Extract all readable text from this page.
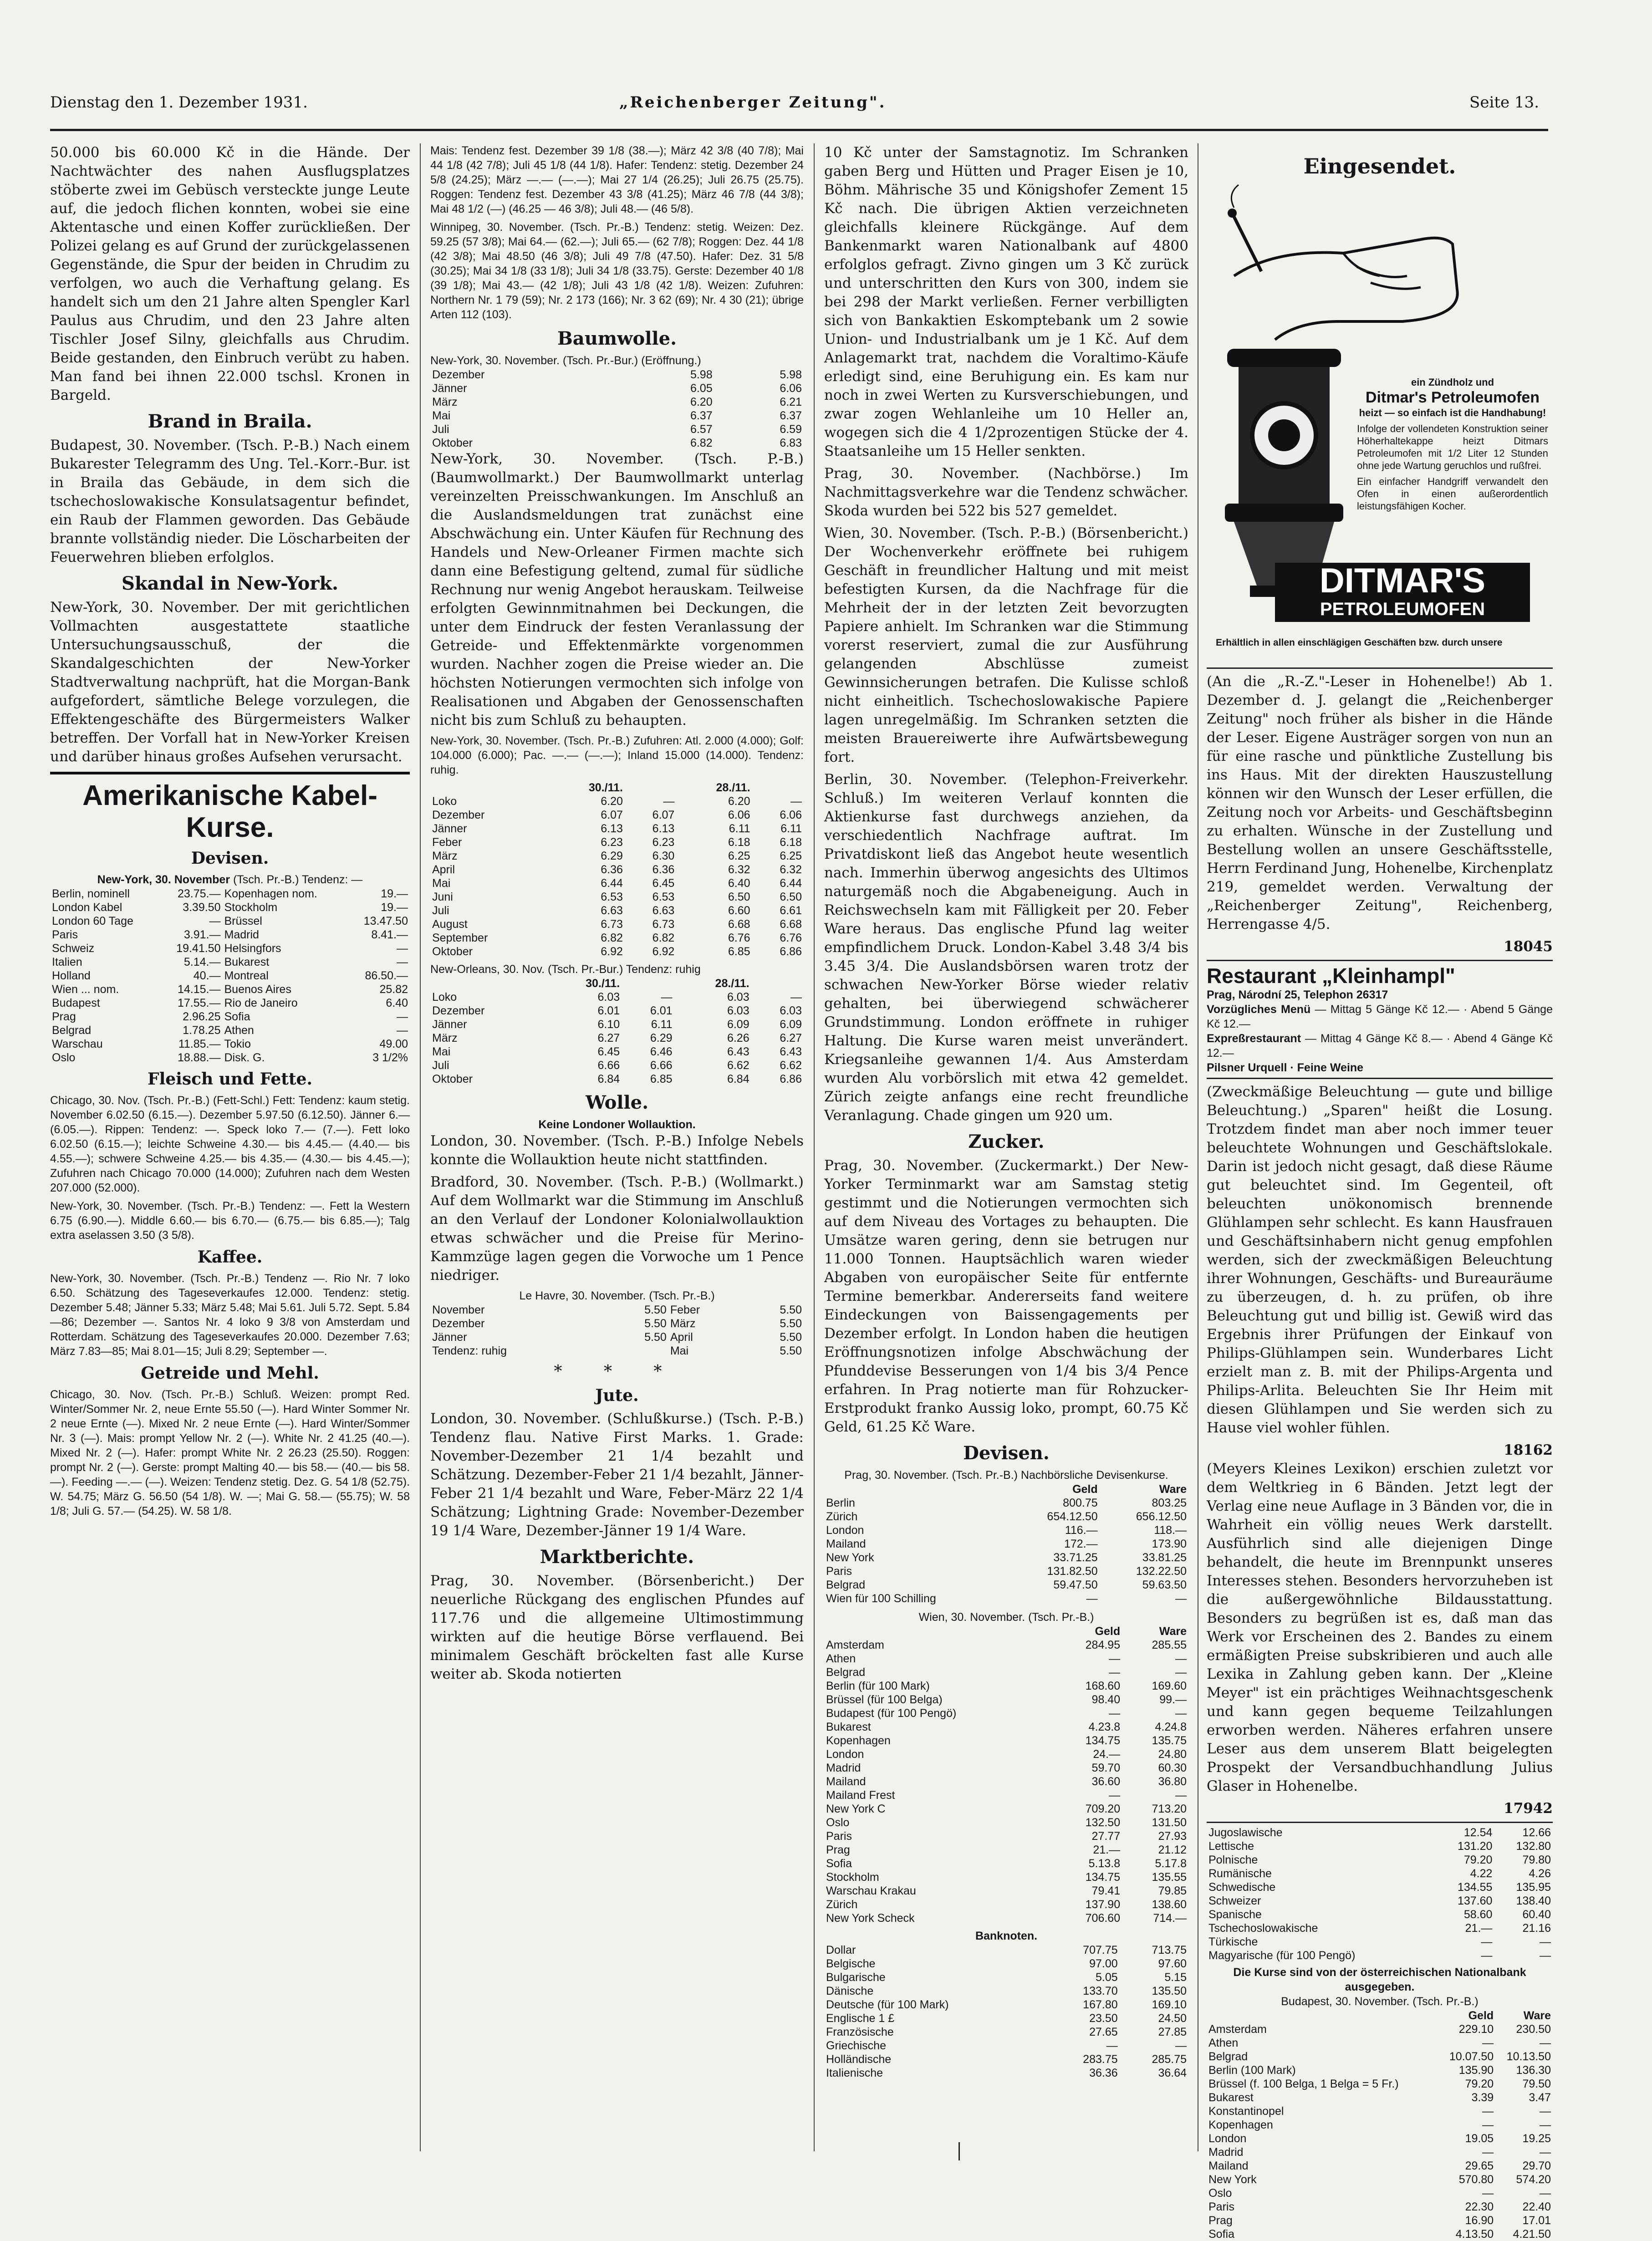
Dienstag den 1. Dezember 1931.	„Reichenberger Zeitung".	Seite 13.

50.000 bis 60.000 Kč in die Hände. Der Nachtwächter des nahen Ausflugsplatzes stöberte zwei im Gebüsch versteckte junge Leute auf, die jedoch flichen konnten, wobei sie eine Aktentasche und einen Koffer zurückließen. Der Polizei gelang es auf Grund der zurückgelassenen Gegenstände, die Spur der beiden in Chrudim zu verfolgen, wo auch die Verhaftung gelang. Es handelt sich um den 21 Jahre alten Spengler Karl Paulus aus Chrudim, und den 23 Jahre alten Tischler Josef Silny, gleichfalls aus Chrudim. Beide gestanden, den Einbruch verübt zu haben. Man fand bei ihnen 22.000 tschsl. Kronen in Bargeld.

Brand in Braila.

Budapest, 30. November. (Tsch. P.-B.) Nach einem Bukarester Telegramm des Ung. Tel.-Korr.-Bur. ist in Braila das Gebäude, in dem sich die tschechoslowakische Konsulatsagentur befindet, ein Raub der Flammen geworden. Das Gebäude brannte vollständig nieder. Die Löscharbeiten der Feuerwehren blieben erfolglos.

Skandal in New-York.

New-York, 30. November. Der mit gerichtlichen Vollmachten ausgestattete staatliche Untersuchungsausschuß, der die Skandalgeschichten der New-Yorker Stadtverwaltung nachprüft, hat die Morgan-Bank aufgefordert, sämtliche Belege vorzulegen, die Effektengeschäfte des Bürgermeisters Walker betreffen. Der Vorfall hat in New-Yorker Kreisen und darüber hinaus großes Aufsehen verursacht.

Amerikanische Kabel-Kurse.
Devisen.
New-York, 30. November (Tsch. Pr.-B.) Tendenz: —
Berlin, nominell	23.75.—	Kopenhagen nom.	19.—
London Kabel	3.39.50	Stockholm	19.—
London 60 Tage	—	Brüssel	13.47.50
Paris	3.91.—	Madrid	8.41.—
Schweiz	19.41.50	Helsingfors	—
Italien	5.14.—	Bukarest	—
Holland	40.—	Montreal	86.50.—
Wien ... nom.	14.15.—	Buenos Aires	25.82
Budapest	17.55.—	Rio de Janeiro	6.40
Prag	2.96.25	Sofia	—
Belgrad	1.78.25	Athen	—
Warschau	11.85.—	Tokio	49.00
Oslo	18.88.—	Disk. G.	3 1/2%
Fleisch und Fette.

Chicago, 30. Nov. (Tsch. Pr.-B.) (Fett-Schl.) Fett: Tendenz: kaum stetig. November 6.02.50 (6.15.—). Dezember 5.97.50 (6.12.50). Jänner 6.— (6.05.—). Rippen: Tendenz: —. Speck loko 7.— (7.—). Fett loko 6.02.50 (6.15.—); leichte Schweine 4.30.— bis 4.45.— (4.40.— bis 4.55.—); schwere Schweine 4.25.— bis 4.35.— (4.30.— bis 4.45.—); Zufuhren nach Chicago 70.000 (14.000); Zufuhren nach dem Westen 207.000 (52.000).

New-York, 30. November. (Tsch. Pr.-B.) Tendenz: —. Fett la Western 6.75 (6.90.—). Middle 6.60.— bis 6.70.— (6.75.— bis 6.85.—); Talg extra aselassen 3.50 (3 5/8).

Kaffee.

New-York, 30. November. (Tsch. Pr.-B.) Tendenz —. Rio Nr. 7 loko 6.50. Schätzung des Tageseverkaufes 12.000. Tendenz: stetig. Dezember 5.48; Jänner 5.33; März 5.48; Mai 5.61. Juli 5.72. Sept. 5.84—86; Dezember —. Santos Nr. 4 loko 9 3/8 von Amsterdam und Rotterdam. Schätzung des Tageseverkaufes 20.000. Dezember 7.63; März 7.83—85; Mai 8.01—15; Juli 8.29; September —.

Getreide und Mehl.

Chicago, 30. Nov. (Tsch. Pr.-B.) Schluß. Weizen: prompt Red. Winter/Sommer Nr. 2, neue Ernte 55.50 (—). Hard Winter Sommer Nr. 2 neue Ernte (—). Mixed Nr. 2 neue Ernte (—). Hard Winter/Sommer Nr. 3 (—). Mais: prompt Yellow Nr. 2 (—). White Nr. 2 41.25 (40.—). Mixed Nr. 2 (—). Hafer: prompt White Nr. 2 26.23 (25.50). Roggen: prompt Nr. 2 (—). Gerste: prompt Malting 40.— bis 58.— (40.— bis 58.—). Feeding —.— (—). Weizen: Tendenz stetig. Dez. G. 54 1/8 (52.75). W. 54.75; März G. 56.50 (54 1/8). W. —; Mai G. 58.— (55.75); W. 58 1/8; Juli G. 57.— (54.25). W. 58 1/8.

Mais: Tendenz fest. Dezember 39 1/8 (38.—); März 42 3/8 (40 7/8); Mai 44 1/8 (42 7/8); Juli 45 1/8 (44 1/8). Hafer: Tendenz: stetig. Dezember 24 5/8 (24.25); März —.— (—.—); Mai 27 1/4 (26.25); Juli 26.75 (25.75). Roggen: Tendenz fest. Dezember 43 3/8 (41.25); März 46 7/8 (44 3/8); Mai 48 1/2 (—) (46.25 — 46 3/8); Juli 48.— (46 5/8).

Winnipeg, 30. November. (Tsch. Pr.-B.) Tendenz: stetig. Weizen: Dez. 59.25 (57 3/8); Mai 64.— (62.—); Juli 65.— (62 7/8); Roggen: Dez. 44 1/8 (42 3/8); Mai 48.50 (46 3/8); Juli 49 7/8 (47.50). Hafer: Dez. 31 5/8 (30.25); Mai 34 1/8 (33 1/8); Juli 34 1/8 (33.75). Gerste: Dezember 40 1/8 (39 1/8); Mai 43.— (42 1/8); Juli 43 1/8 (42 1/8). Weizen: Zufuhren: Northern Nr. 1 79 (59); Nr. 2 173 (166); Nr. 3 62 (69); Nr. 4 30 (21); übrige Arten 112 (103).

Baumwolle.
New-York, 30. November. (Tsch. Pr.-Bur.) (Eröffnung.)
Dezember	5.98	5.98
Jänner	6.05	6.06
März	6.20	6.21
Mai	6.37	6.37
Juli	6.57	6.59
Oktober	6.82	6.83

New-York, 30. November. (Tsch. P.-B.) (Baumwollmarkt.) Der Baumwollmarkt unterlag vereinzelten Preisschwankungen. Im Anschluß an die Auslandsmeldungen trat zunächst eine Abschwächung ein. Unter Käufen für Rechnung des Handels und New-Orleaner Firmen machte sich dann eine Befestigung geltend, zumal für südliche Rechnung nur wenig Angebot herauskam. Teilweise erfolgten Gewinnmitnahmen bei Deckungen, die unter dem Eindruck der festen Veranlassung der Getreide- und Effektenmärkte vorgenommen wurden. Nachher zogen die Preise wieder an. Die höchsten Notierungen vermochten sich infolge von Realisationen und Abgaben der Genossenschaften nicht bis zum Schluß zu behaupten.

New-York, 30. November. (Tsch. Pr.-B.) Zufuhren: Atl. 2.000 (4.000); Golf: 104.000 (6.000); Pac. —.— (—.—); Inland 15.000 (14.000). Tendenz: ruhig.

	30./11.		28./11.	
Loko	6.20	—	6.20	—
Dezember	6.07	6.07	6.06	6.06
Jänner	6.13	6.13	6.11	6.11
Feber	6.23	6.23	6.18	6.18
März	6.29	6.30	6.25	6.25
April	6.36	6.36	6.32	6.32
Mai	6.44	6.45	6.40	6.44
Juni	6.53	6.53	6.50	6.50
Juli	6.63	6.63	6.60	6.61
August	6.73	6.73	6.68	6.68
September	6.82	6.82	6.76	6.76
Oktober	6.92	6.92	6.85	6.86
New-Orleans, 30. Nov. (Tsch. Pr.-Bur.) Tendenz: ruhig
	30./11.		28./11.	
Loko	6.03	—	6.03	—
Dezember	6.01	6.01	6.03	6.03
Jänner	6.10	6.11	6.09	6.09
März	6.27	6.29	6.26	6.27
Mai	6.45	6.46	6.43	6.43
Juli	6.66	6.66	6.62	6.62
Oktober	6.84	6.85	6.84	6.86
Wolle.
Keine Londoner Wollauktion.

London, 30. November. (Tsch. P.-B.) Infolge Nebels konnte die Wollauktion heute nicht stattfinden.

Bradford, 30. November. (Tsch. P.-B.) (Wollmarkt.) Auf dem Wollmarkt war die Stimmung im Anschluß an den Verlauf der Londoner Kolonialwollauktion etwas schwächer und die Preise für Merino-Kammzüge lagen gegen die Vorwoche um 1 Pence niedriger.

Le Havre, 30. November. (Tsch. Pr.-B.)
November	5.50	Feber	5.50
Dezember	5.50	März	5.50
Jänner	5.50	April	5.50
Tendenz: ruhig		Mai	5.50
* * *
Jute.

London, 30. November. (Schlußkurse.) (Tsch. P.-B.) Tendenz flau. Native First Marks. 1. Grade: November-Dezember 21 1/4 bezahlt und Schätzung. Dezember-Feber 21 1/4 bezahlt, Jänner-Feber 21 1/4 bezahlt und Ware, Feber-März 22 1/4 Schätzung; Lightning Grade: November-Dezember 19 1/4 Ware, Dezember-Jänner 19 1/4 Ware.

Marktberichte.

Prag, 30. November. (Börsenbericht.) Der neuerliche Rückgang des englischen Pfundes auf 117.76 und die allgemeine Ultimostimmung wirkten auf die heutige Börse verflauend. Bei minimalem Geschäft bröckelten fast alle Kurse weiter ab. Skoda notierten

10 Kč unter der Samstagnotiz. Im Schranken gaben Berg und Hütten und Prager Eisen je 10, Böhm. Mährische 35 und Königshofer Zement 15 Kč nach. Die übrigen Aktien verzeichneten gleichfalls kleinere Rückgänge. Auf dem Bankenmarkt waren Nationalbank auf 4800 erfolglos gefragt. Zivno gingen um 3 Kč zurück und unterschritten den Kurs von 300, indem sie bei 298 der Markt verließen. Ferner verbilligten sich von Bankaktien Eskomptebank um 2 sowie Union- und Industrialbank um je 1 Kč. Auf dem Anlagemarkt trat, nachdem die Voraltimo-Käufe erledigt sind, eine Beruhigung ein. Es kam nur noch in zwei Werten zu Kursverschiebungen, und zwar zogen Wehlanleihe um 10 Heller an, wogegen sich die 4 1/2prozentigen Stücke der 4. Staatsanleihe um 15 Heller senkten.

Prag, 30. November. (Nachbörse.) Im Nachmittagsverkehre war die Tendenz schwächer. Skoda wurden bei 522 bis 527 gemeldet.

Wien, 30. November. (Tsch. P.-B.) (Börsenbericht.) Der Wochenverkehr eröffnete bei ruhigem Geschäft in freundlicher Haltung und mit meist befestigten Kursen, da die Nachfrage für die Mehrheit der in der letzten Zeit bevorzugten Papiere anhielt. Im Schranken war die Stimmung vorerst reserviert, zumal die zur Ausführung gelangenden Abschlüsse zumeist Gewinnsicherungen betrafen. Die Kulisse schloß nicht einheitlich. Tschechoslowakische Papiere lagen unregelmäßig. Im Schranken setzten die meisten Brauereiwerte ihre Aufwärtsbewegung fort.

Berlin, 30. November. (Telephon-Freiverkehr. Schluß.) Im weiteren Verlauf konnten die Aktienkurse fast durchwegs anziehen, da verschiedentlich Nachfrage auftrat. Im Privatdiskont ließ das Angebot heute wesentlich nach. Immerhin überwog angesichts des Ultimos naturgemäß noch die Abgabeneigung. Auch in Reichswechseln kam mit Fälligkeit per 20. Feber Ware heraus. Das englische Pfund lag weiter empfindlichem Druck. London-Kabel 3.48 3/4 bis 3.45 3/4. Die Auslandsbörsen waren trotz der schwachen New-Yorker Börse wieder relativ gehalten, bei überwiegend schwächerer Grundstimmung. London eröffnete in ruhiger Haltung. Die Kurse waren meist unverändert. Kriegsanleihe gewannen 1/4. Aus Amsterdam wurden Alu vorbörslich mit etwa 42 gemeldet. Zürich zeigte anfangs eine recht freundliche Veranlagung. Chade gingen um 920 um.

Zucker.

Prag, 30. November. (Zuckermarkt.) Der New-Yorker Terminmarkt war am Samstag stetig gestimmt und die Notierungen vermochten sich auf dem Niveau des Vortages zu behaupten. Die Umsätze waren gering, denn sie betrugen nur 11.000 Tonnen. Hauptsächlich waren wieder Abgaben von europäischer Seite für entfernte Termine bemerkbar. Andererseits fand weitere Eindeckungen von Baissengagements per Dezember erfolgt. In London haben die heutigen Eröffnungsnotizen infolge Abschwächung der Pfunddevise Besserungen von 1/4 bis 3/4 Pence erfahren. In Prag notierte man für Rohzucker-Erstprodukt franko Aussig loko, prompt, 60.75 Kč Geld, 61.25 Kč Ware.

Devisen.
Prag, 30. November. (Tsch. Pr.-B.) Nachbörsliche Devisenkurse.
	Geld	Ware
Berlin	800.75	803.25
Zürich	654.12.50	656.12.50
London	116.—	118.—
Mailand	172.—	173.90
New York	33.71.25	33.81.25
Paris	131.82.50	132.22.50
Belgrad	59.47.50	59.63.50
Wien für 100 Schilling	—	—
Wien, 30. November. (Tsch. Pr.-B.)
	Geld	Ware
Amsterdam	284.95	285.55
Athen	—	—
Belgrad	—	—
Berlin (für 100 Mark)	168.60	169.60
Brüssel (für 100 Belga)	98.40	99.—
Budapest (für 100 Pengö)	—	—
Bukarest	4.23.8	4.24.8
Kopenhagen	134.75	135.75
London	24.—	24.80
Madrid	59.70	60.30
Mailand	36.60	36.80
Mailand Frest	—	—
New York C	709.20	713.20
Oslo	132.50	131.50
Paris	27.77	27.93
Prag	21.—	21.12
Sofia	5.13.8	5.17.8
Stockholm	134.75	135.55
Warschau Krakau	79.41	79.85
Zürich	137.90	138.60
New York Scheck	706.60	714.—
Banknoten.
Dollar	707.75	713.75
Belgische	97.00	97.60
Bulgarische	5.05	5.15
Dänische	133.70	135.50
Deutsche (für 100 Mark)	167.80	169.10
Englische 1 £	23.50	24.50
Französische	27.65	27.85
Griechische	—	—
Holländische	283.75	285.75
Italienische	36.36	36.64
Eingesendet.
ein Zündholz und
Ditmar's Petroleumofen
heizt — so einfach ist die Handhabung!
Infolge der vollendeten Konstruktion seiner Höherhaltekappe heizt Ditmars Petroleumofen mit 1/2 Liter 12 Stunden ohne jede Wartung geruchlos und rußfrei.
Ein einfacher Handgriff verwandelt den Ofen in einen außerordentlich leistungsfähigen Kocher.
DITMAR'S
PETROLEUMOFEN
Erhältlich in allen einschlägigen Geschäften bzw. durch unsere

(An die „R.-Z."-Leser in Hohenelbe!) Ab 1. Dezember d. J. gelangt die „Reichenberger Zeitung" noch früher als bisher in die Hände der Leser. Eigene Austräger sorgen von nun an für eine rasche und pünktliche Zustellung bis ins Haus. Mit der direkten Hauszustellung können wir den Wunsch der Leser erfüllen, die Zeitung noch vor Arbeits- und Geschäftsbeginn zu erhalten. Wünsche in der Zustellung und Bestellung wollen an unsere Geschäftsstelle, Herrn Ferdinand Jung, Hohenelbe, Kirchenplatz 219, gemeldet werden. Verwaltung der „Reichenberger Zeitung", Reichenberg, Herrengasse 4/5.

18045
Restaurant „Kleinhampl"
Prag, Národní 25, Telephon 26317
Vorzügliches Menü — Mittag 5 Gänge Kč 12.— · Abend 5 Gänge Kč 12.—
Expreßrestaurant — Mittag 4 Gänge Kč 8.— · Abend 4 Gänge Kč 12.—
Pilsner Urquell · Feine Weine

(Zweckmäßige Beleuchtung — gute und billige Beleuchtung.) „Sparen" heißt die Losung. Trotzdem findet man aber noch immer teuer beleuchtete Wohnungen und Geschäftslokale. Darin ist jedoch nicht gesagt, daß diese Räume gut beleuchtet sind. Im Gegenteil, oft beleuchten unökonomisch brennende Glühlampen sehr schlecht. Es kann Hausfrauen und Geschäftsinhabern nicht genug empfohlen werden, sich der zweckmäßigen Beleuchtung ihrer Wohnungen, Geschäfts- und Bureauräume zu überzeugen, d. h. zu prüfen, ob ihre Beleuchtung gut und billig ist. Gewiß wird das Ergebnis ihrer Prüfungen der Einkauf von Philips-Glühlampen sein. Wunderbares Licht erzielt man z. B. mit der Philips-Argenta und Philips-Arlita. Beleuchten Sie Ihr Heim mit diesen Glühlampen und Sie werden sich zu Hause viel wohler fühlen.

18162

(Meyers Kleines Lexikon) erschien zuletzt vor dem Weltkrieg in 6 Bänden. Jetzt legt der Verlag eine neue Auflage in 3 Bänden vor, die in Wahrheit ein völlig neues Werk darstellt. Ausführlich sind alle diejenigen Dinge behandelt, die heute im Brennpunkt unseres Interesses stehen. Besonders hervorzuheben ist die außergewöhnliche Bildausstattung. Besonders zu begrüßen ist es, daß man das Werk vor Erscheinen des 2. Bandes zu einem ermäßigten Preise subskribieren und auch alle Lexika in Zahlung geben kann. Der „Kleine Meyer" ist ein prächtiges Weihnachtsgeschenk und kann gegen bequeme Teilzahlungen erworben werden. Näheres erfahren unsere Leser aus dem unserem Blatt beigelegten Prospekt der Versandbuchhandlung Julius Glaser in Hohenelbe.

17942
Jugoslawische	12.54	12.66
Lettische	131.20	132.80
Polnische	79.20	79.80
Rumänische	4.22	4.26
Schwedische	134.55	135.95
Schweizer	137.60	138.40
Spanische	58.60	60.40
Tschechoslowakische	21.—	21.16
Türkische	—	—
Magyarische (für 100 Pengö)	—	—
Die Kurse sind von der österreichischen Nationalbank ausgegeben.
Budapest, 30. November. (Tsch. Pr.-B.)
	Geld	Ware
Amsterdam	229.10	230.50
Athen	—	—
Belgrad	10.07.50	10.13.50
Berlin (100 Mark)	135.90	136.30
Brüssel (f. 100 Belga, 1 Belga = 5 Fr.)	79.20	79.50
Bukarest	3.39	3.47
Konstantinopel	—	—
Kopenhagen	—	—
London	19.05	19.25
Madrid	—	—
Mailand	29.65	29.70
New York	570.80	574.20
Oslo	—	—
Paris	22.30	22.40
Prag	16.90	17.01
Sofia	4.13.50	4.21.50
